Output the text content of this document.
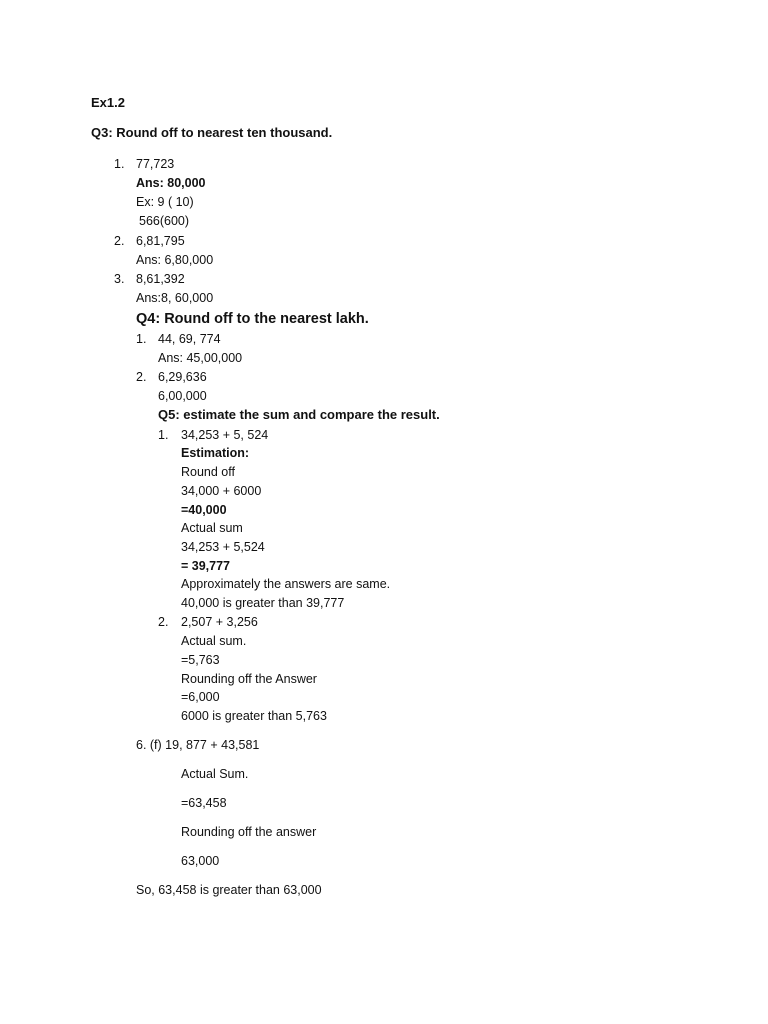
Ex1.2
Q3: Round off to nearest ten thousand.
1. 77,723
Ans: 80,000
Ex: 9 ( 10)
566(600)
2. 6,81,795
Ans: 6,80,000
3. 8,61,392
Ans:8, 60,000
Q4: Round off to the nearest lakh.
1. 44, 69, 774
Ans: 45,00,000
2. 6,29,636
6,00,000
Q5: estimate the sum and compare the result.
1. 34,253 + 5, 524
Estimation:
Round off
34,000 + 6000
=40,000
Actual sum
34,253 + 5,524
= 39,777
Approximately the answers are same.
40,000 is greater than 39,777
2. 2,507 + 3,256
Actual sum.
=5,763
Rounding off the Answer
=6,000
6000 is greater than 5,763
6. (f) 19, 877 + 43,581
Actual Sum.
=63,458
Rounding off the answer
63,000
So, 63,458 is greater than 63,000
